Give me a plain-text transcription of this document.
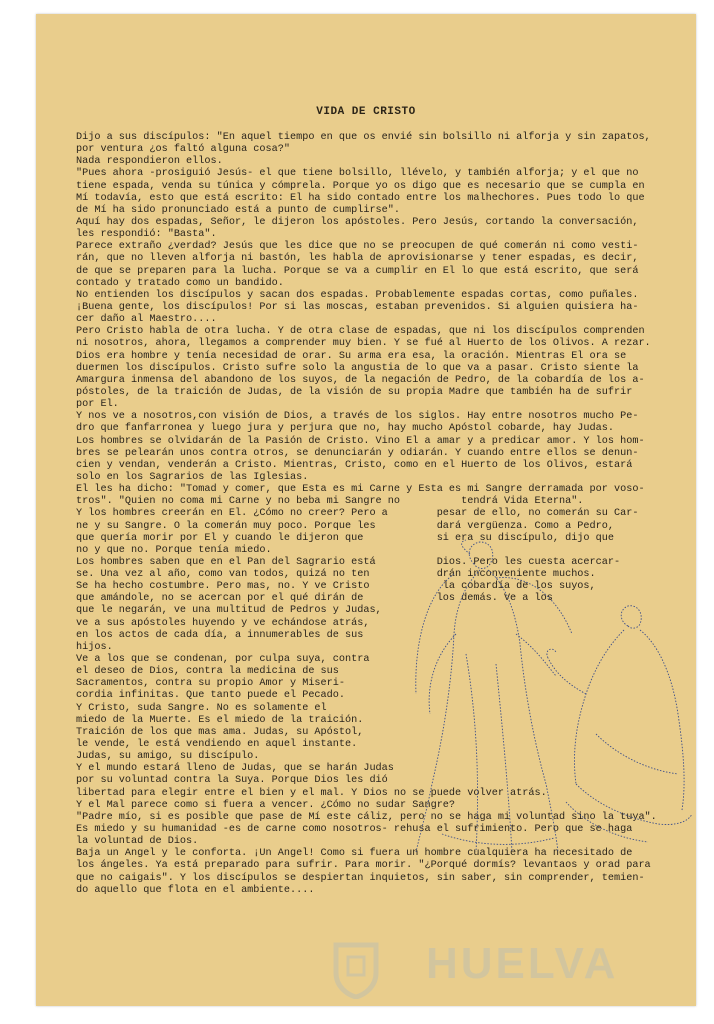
VIDA DE CRISTO
Dijo a sus discípulos: "En aquel tiempo en que os envié sin bolsillo ni alforja y sin zapatos,
por ventura ¿os faltó alguna cosa?"
Nada respondieron ellos.
"Pues ahora -prosiguió Jesús- el que tiene bolsillo, llévelo, y también alforja; y el que no
tiene espada, venda su túnica y cómprela. Porque yo os digo que es necesario que se cumpla en
Mí todavía, esto que está escrito: El ha sido contado entre los malhechores. Pues todo lo que
de Mí ha sido pronunciado está a punto de cumplirse".
Aquí hay dos espadas, Señor, le dijeron los apóstoles. Pero Jesús, cortando la conversación,
les respondió: "Basta".
Parece extraño ¿verdad? Jesús que les dice que no se preocupen de qué comerán ni como vesti-
rán, que no lleven alforja ni bastón, les habla de aprovisionarse y tener espadas, es decir,
de que se preparen para la lucha. Porque se va a cumplir en El lo que está escrito, que será
contado y tratado como un bandido.
No entienden los discípulos y sacan dos espadas. Probablemente espadas cortas, como puñales.
¡Buena gente, los discípulos! Por si las moscas, estaban prevenidos. Si alguien quisiera ha-
cer daño al Maestro....
Pero Cristo habla de otra lucha. Y de otra clase de espadas, que ni los discípulos comprenden
ni nosotros, ahora, llegamos a comprender muy bien. Y se fué al Huerto de los Olivos. A rezar.
Dios era hombre y tenía necesidad de orar. Su arma era esa, la oración. Mientras El ora se
duermen los discípulos. Cristo sufre solo la angustia de lo que va a pasar. Cristo siente la
Amargura inmensa del abandono de los suyos, de la negación de Pedro, de la cobardía de los a-
póstoles, de la traición de Judas, de la visión de su propia Madre que también ha de sufrir
por El.
Y nos ve a nosotros,con visión de Dios, a través de los siglos. Hay entre nosotros mucho Pe-
dro que fanfarronea y luego jura y perjura que no, hay mucho Apóstol cobarde, hay Judas.
Los hombres se olvidarán de la Pasión de Cristo. Vino El a amar y a predicar amor. Y los hom-
bres se pelearán unos contra otros, se denunciarán y odiarán. Y cuando entre ellos se denun-
cien y vendan, venderán a Cristo. Mientras, Cristo, como en el Huerto de los Olivos, estará
solo en los Sagrarios de las Iglesias.
El les ha dicho: "Tomad y comer, que Esta es mi Carne y Esta es mi Sangre derramada por voso-
tros". "Quien no coma mi Carne y no beba mi Sangre no          tendrá Vida Eterna".
Y los hombres creerán en El. ¿Cómo no creer? Pero a        pesar de ello, no comerán su Car-
ne y su Sangre. O la comerán muy poco. Porque les          dará vergüenza. Como a Pedro,
que quería morir por El y cuando le dijeron que            si era su discípulo, dijo que
no y que no. Porque tenía miedo.
Los hombres saben que en el Pan del Sagrario está          Dios. Pero les cuesta acercar-
se. Una vez al año, como van todos, quizá no ten           drán inconveniente muchos.
Se ha hecho costumbre. Pero mas, no. Y ve Cristo            la cobardía de los suyos,
que amándole, no se acercan por el qué dirán de            los demás. Ve a los
que le negarán, ve una multitud de Pedros y Judas,
ve a sus apóstoles huyendo y ve echándose atrás,
en los actos de cada día, a innumerables de sus
hijos.
Ve a los que se condenan, por culpa suya, contra
el deseo de Dios, contra la medicina de sus
Sacramentos, contra su propio Amor y Miseri-
cordia infinitas. Que tanto puede el Pecado.
Y Cristo, suda Sangre. No es solamente el
miedo de la Muerte. Es el miedo de la traición.
Traición de los que mas ama. Judas, su Apóstol,
le vende, le está vendiendo en aquel instante.
Judas, su amigo, su discípulo.
Y el mundo estará lleno de Judas, que se harán Judas
por su voluntad contra la Suya. Porque Dios les dió
libertad para elegir entre el bien y el mal. Y Dios no se puede volver atrás.
Y el Mal parece como si fuera a vencer. ¿Cómo no sudar Sangre?
"Padre mío, si es posible que pase de Mí este cáliz, pero no se haga mi voluntad sino la tuya".
Es miedo y su humanidad -es de carne como nosotros- rehusa el sufrimiento. Pero que se haga
la voluntad de Dios.
Baja un Angel y le conforta. ¡Un Angel! Como si fuera un hombre cualquiera ha necesitado de
los ángeles. Ya está preparado para sufrir. Para morir. "¿Porqué dormís? levantaos y orad para
que no caigais". Y los discípulos se despiertan inquietos, sin saber, sin comprender, temien-
do aquello que flota en el ambiente....
HUELVA
